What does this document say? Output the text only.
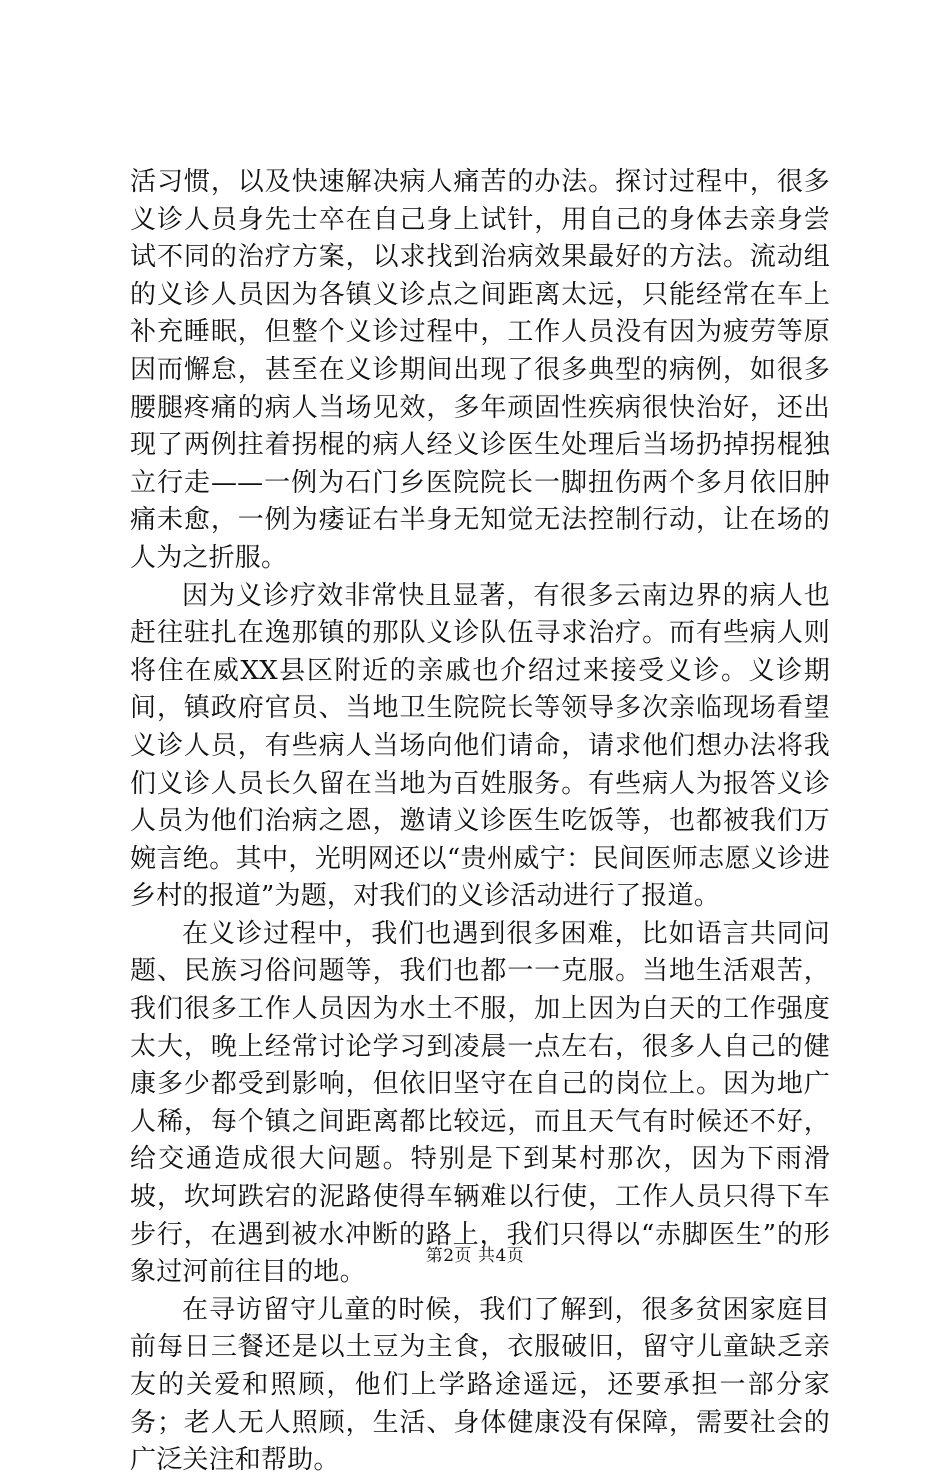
活习惯，以及快速解决病人痛苦的办法。探讨过程中，很多义诊人员身先士卒在自己身上试针，用自己的身体去亲身尝试不同的治疗方案，以求找到治病效果最好的方法。流动组的义诊人员因为各镇义诊点之间距离太远，只能经常在车上补充睡眠，但整个义诊过程中，工作人员没有因为疲劳等原因而懈怠，甚至在义诊期间出现了很多典型的病例，如很多腰腿疼痛的病人当场见效，多年顽固性疾病很快治好，还出现了两例拄着拐棍的病人经义诊医生处理后当场扔掉拐棍独立行走——一例为石门乡医院院长一脚扭伤两个多月依旧肿痛未愈，一例为痿证右半身无知觉无法控制行动，让在场的人为之折服。

因为义诊疗效非常快且显著，有很多云南边界的病人也赶往驻扎在逸那镇的那队义诊队伍寻求治疗。而有些病人则将住在威XX县区附近的亲戚也介绍过来接受义诊。义诊期间，镇政府官员、当地卫生院院长等领导多次亲临现场看望义诊人员，有些病人当场向他们请命，请求他们想办法将我们义诊人员长久留在当地为百姓服务。有些病人为报答义诊人员为他们治病之恩，邀请义诊医生吃饭等，也都被我们万婉言绝。其中，光明网还以“贵州威宁：民间医师志愿义诊进乡村的报道”为题，对我们的义诊活动进行了报道。

在义诊过程中，我们也遇到很多困难，比如语言共同问题、民族习俗问题等，我们也都一一克服。当地生活艰苦，我们很多工作人员因为水土不服，加上因为白天的工作强度太大，晚上经常讨论学习到凌晨一点左右，很多人自己的健康多少都受到影响，但依旧坚守在自己的岗位上。因为地广人稀，每个镇之间距离都比较远，而且天气有时候还不好，给交通造成很大问题。特别是下到某村那次，因为下雨滑坡，坎坷跌宕的泥路使得车辆难以行使，工作人员只得下车步行，在遇到被水冲断的路上，我们只得以“赤脚医生”的形象过河前往目的地。

在寻访留守儿童的时候，我们了解到，很多贫困家庭目前每日三餐还是以土豆为主食，衣服破旧，留守儿童缺乏亲友的关爱和照顾，他们上学路途遥远，还要承担一部分家务；老人无人照顾，生活、身体健康没有保障，需要社会的广泛关注和帮助。

第2页 共4页
